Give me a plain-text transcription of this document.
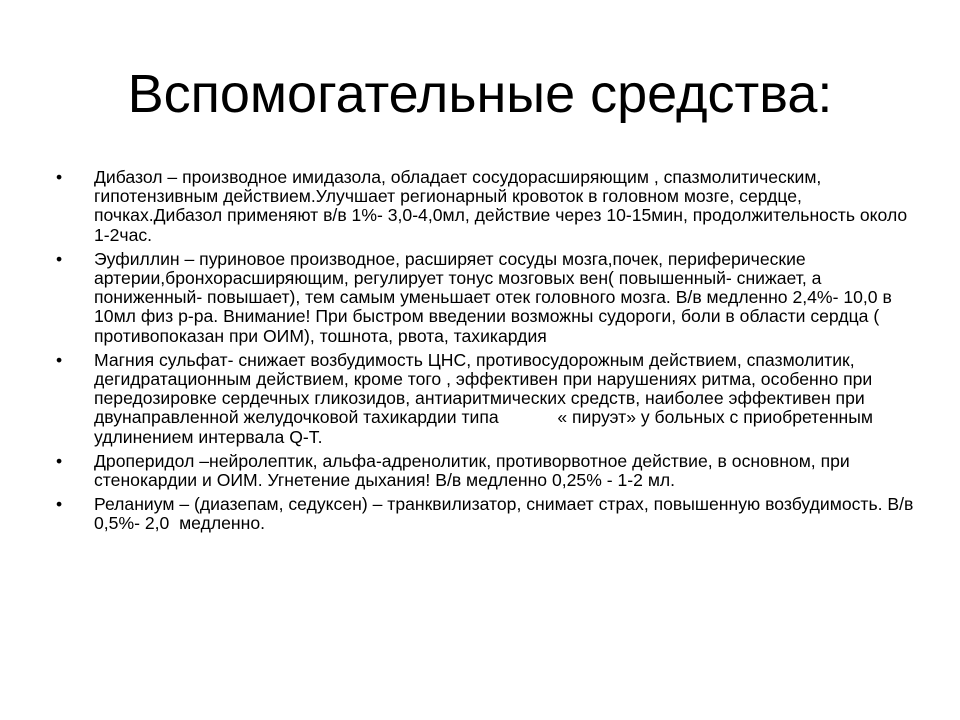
Вспомогательные средства:
• Дибазол – производное имидазола, обладает сосудорасширяющим , спазмолитическим, гипотензивным действием.Улучшает регионарный кровоток в головном мозге, сердце, почках.Дибазол применяют в/в 1%- 3,0-4,0мл, действие через 10-15мин, продолжительность около 1-2час.
• Эуфиллин – пуриновое производное, расширяет сосуды мозга,почек, периферические артерии,бронхорасширяющим, регулирует тонус мозговых вен( повышенный- снижает, а пониженный- повышает), тем самым уменьшает отек головного мозга. В/в медленно 2,4%- 10,0 в 10мл физ р-ра. Внимание! При быстром введении возможны судороги, боли в области сердца ( противопоказан при ОИМ), тошнота, рвота, тахикардия
• Магния сульфат- снижает возбудимость ЦНС, противосудорожным действием, спазмолитик, дегидратационным действием, кроме того , эффективен при нарушениях ритма, особенно при передозировке сердечных гликозидов, антиаритмических средств, наиболее эффективен при двунаправленной желудочковой тахикардии типа            « пируэт» у больных с приобретенным удлинением интервала Q-T.
• Дроперидол –нейролептик, альфа-адренолитик, противорвотное действие, в основном, при стенокардии и ОИМ. Угнетение дыхания! В/в медленно 0,25% - 1-2 мл.
• Реланиум – (диазепам, седуксен) – транквилизатор, снимает страх, повышенную возбудимость. В/в 0,5%- 2,0  медленно.
